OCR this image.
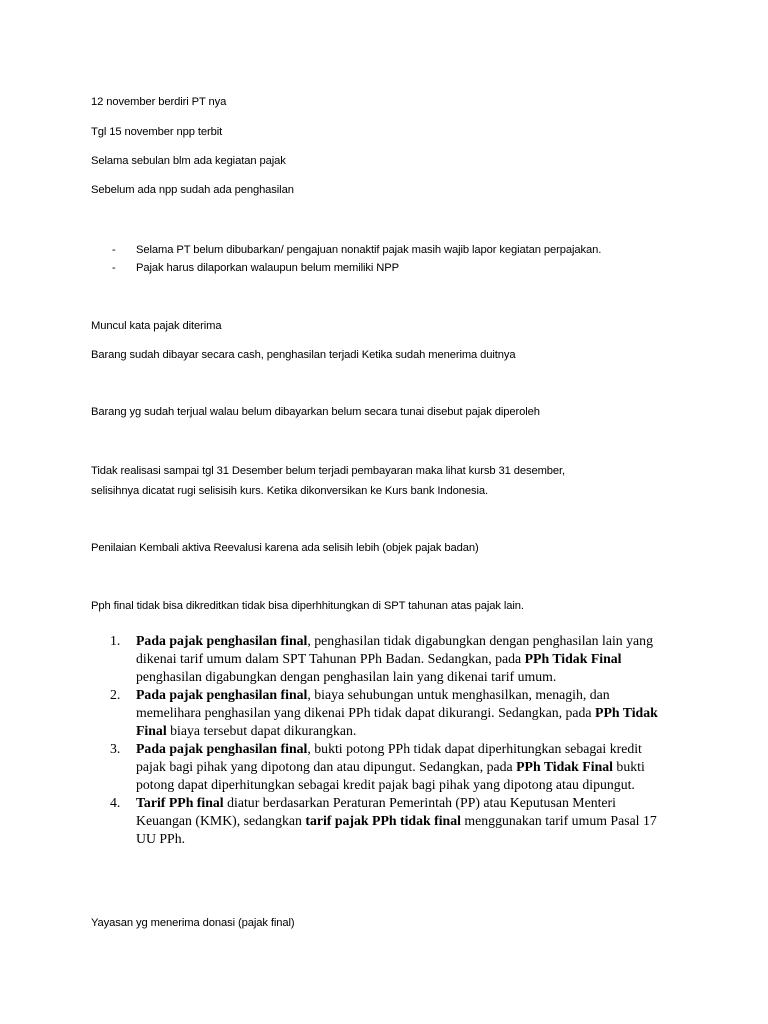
12 november berdiri PT nya

Tgl 15 november npp terbit

Selama sebulan blm ada kegiatan pajak

Sebelum ada npp sudah ada penghasilan

- Selama PT belum dibubarkan/ pengajuan nonaktif pajak masih wajib lapor kegiatan perpajakan.
- Pajak harus dilaporkan walaupun belum memiliki NPP

Muncul kata pajak diterima

Barang sudah dibayar secara cash, penghasilan terjadi Ketika sudah menerima duitnya

Barang yg sudah terjual walau belum dibayarkan belum secara tunai disebut pajak diperoleh

Tidak realisasi sampai tgl 31 Desember belum terjadi pembayaran maka lihat kursb 31 desember,

selisihnya dicatat rugi selisisih kurs. Ketika dikonversikan ke Kurs bank Indonesia.

Penilaian Kembali aktiva Reevalusi karena ada selisih lebih (objek pajak badan)

Pph final tidak bisa dikreditkan tidak bisa diperhhitungkan di SPT tahunan atas pajak lain.

1. Pada pajak penghasilan final, penghasilan tidak digabungkan dengan penghasilan lain yang dikenai tarif umum dalam SPT Tahunan PPh Badan. Sedangkan, pada PPh Tidak Final penghasilan digabungkan dengan penghasilan lain yang dikenai tarif umum.
2. Pada pajak penghasilan final, biaya sehubungan untuk menghasilkan, menagih, dan memelihara penghasilan yang dikenai PPh tidak dapat dikurangi. Sedangkan, pada PPh Tidak Final biaya tersebut dapat dikurangkan.
3. Pada pajak penghasilan final, bukti potong PPh tidak dapat diperhitungkan sebagai kredit pajak bagi pihak yang dipotong dan atau dipungut. Sedangkan, pada PPh Tidak Final bukti potong dapat diperhitungkan sebagai kredit pajak bagi pihak yang dipotong atau dipungut.
4. Tarif PPh final diatur berdasarkan Peraturan Pemerintah (PP) atau Keputusan Menteri Keuangan (KMK), sedangkan tarif pajak PPh tidak final menggunakan tarif umum Pasal 17 UU PPh.

Yayasan yg menerima donasi (pajak final)
